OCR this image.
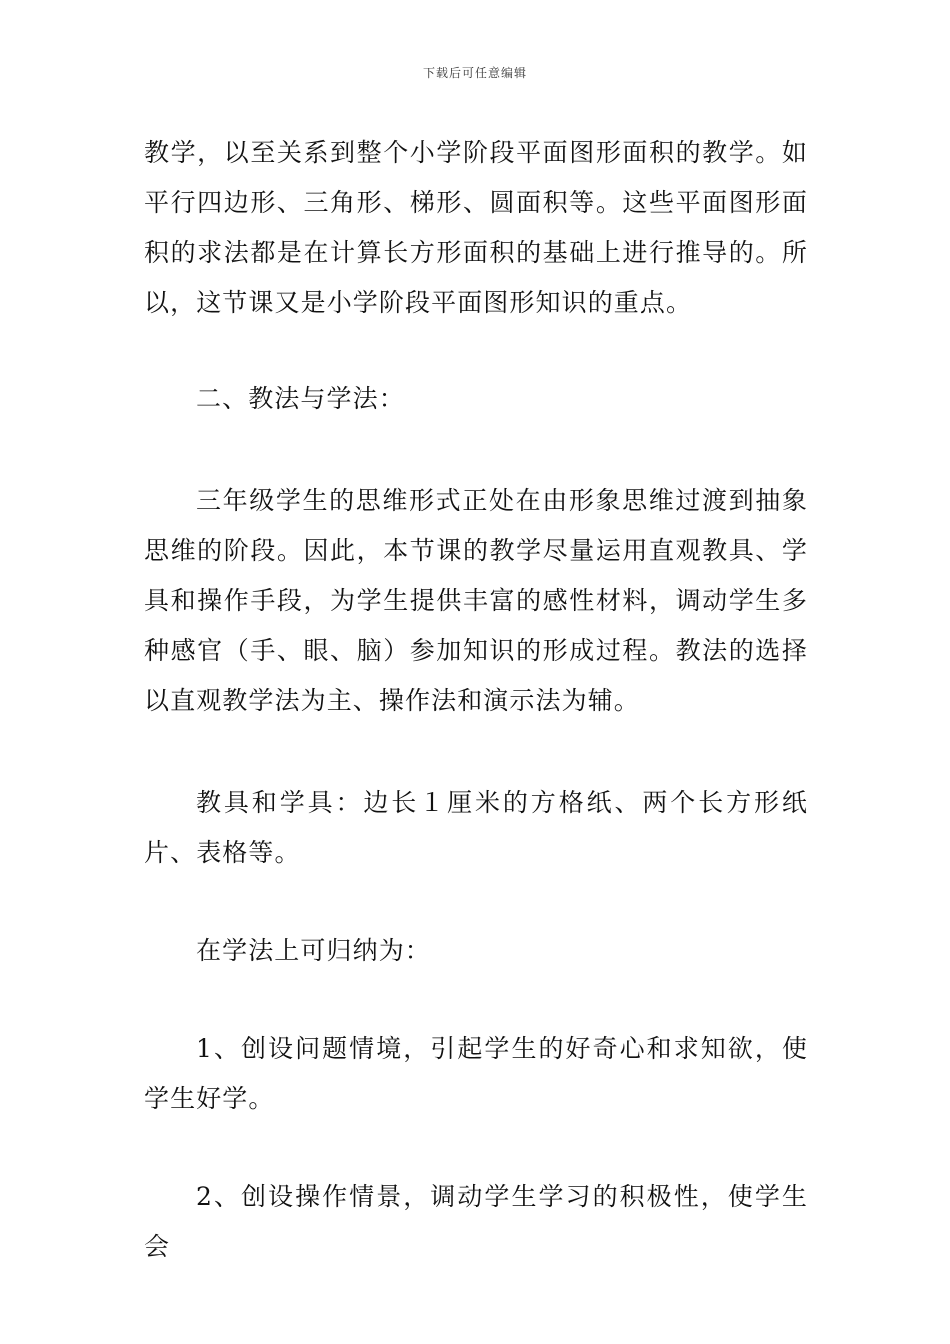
下载后可任意编辑

教学，以至关系到整个小学阶段平面图形面积的教学。如平行四边形、三角形、梯形、圆面积等。这些平面图形面积的求法都是在计算长方形面积的基础上进行推导的。所以，这节课又是小学阶段平面图形知识的重点。

二、教法与学法：

三年级学生的思维形式正处在由形象思维过渡到抽象思维的阶段。因此，本节课的教学尽量运用直观教具、学具和操作手段，为学生提供丰富的感性材料，调动学生多种感官（手、眼、脑）参加知识的形成过程。教法的选择以直观教学法为主、操作法和演示法为辅。

教具和学具：边长１厘米的方格纸、两个长方形纸片、表格等。

在学法上可归纳为：

1、创设问题情境，引起学生的好奇心和求知欲，使学生好学。

2、创设操作情景，调动学生学习的积极性，使学生会
